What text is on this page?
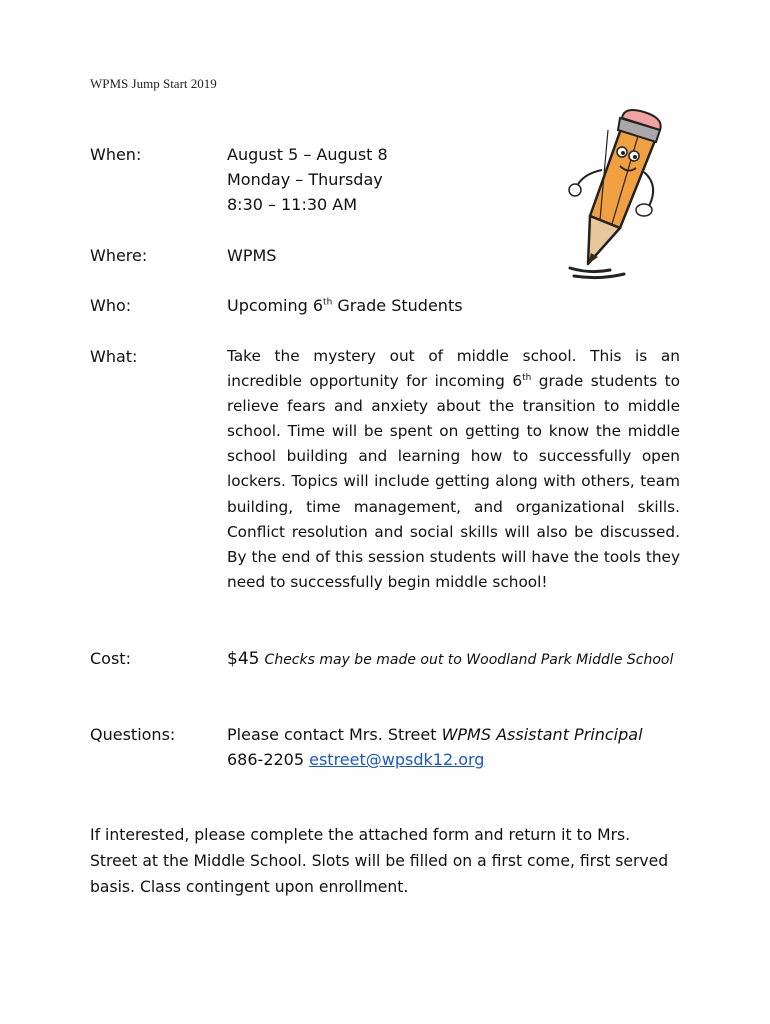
WPMS Jump Start 2019
When:	August 5 – August 8
Monday – Thursday
8:30 – 11:30 AM
Where:	WPMS
Who:	Upcoming 6th Grade Students
What:	Take the mystery out of middle school. This is an incredible opportunity for incoming 6th grade students to relieve fears and anxiety about the transition to middle school. Time will be spent on getting to know the middle school building and learning how to successfully open lockers. Topics will include getting along with others, team building, time management, and organizational skills. Conflict resolution and social skills will also be discussed. By the end of this session students will have the tools they need to successfully begin middle school!
Cost:	$45 Checks may be made out to Woodland Park Middle School
Questions:	Please contact Mrs. Street WPMS Assistant Principal
686-2205 estreet@wpsdk12.org
If interested, please complete the attached form and return it to Mrs. Street at the Middle School. Slots will be filled on a first come, first served basis. Class contingent upon enrollment.
